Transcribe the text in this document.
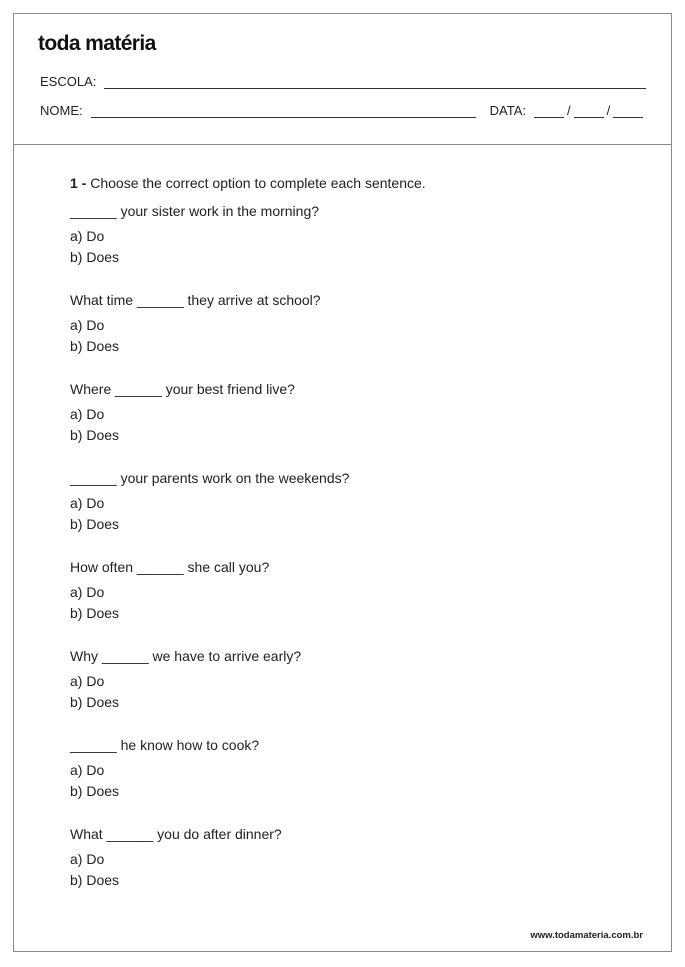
toda matéria
ESCOLA:
NOME:	DATA:	/	/
1 - Choose the correct option to complete each sentence.
______ your sister work in the morning?
a) Do
b) Does
What time ______ they arrive at school?
a) Do
b) Does
Where ______ your best friend live?
a) Do
b) Does
______ your parents work on the weekends?
a) Do
b) Does
How often ______ she call you?
a) Do
b) Does
Why ______ we have to arrive early?
a) Do
b) Does
______ he know how to cook?
a) Do
b) Does
What ______ you do after dinner?
a) Do
b) Does
www.todamateria.com.br
